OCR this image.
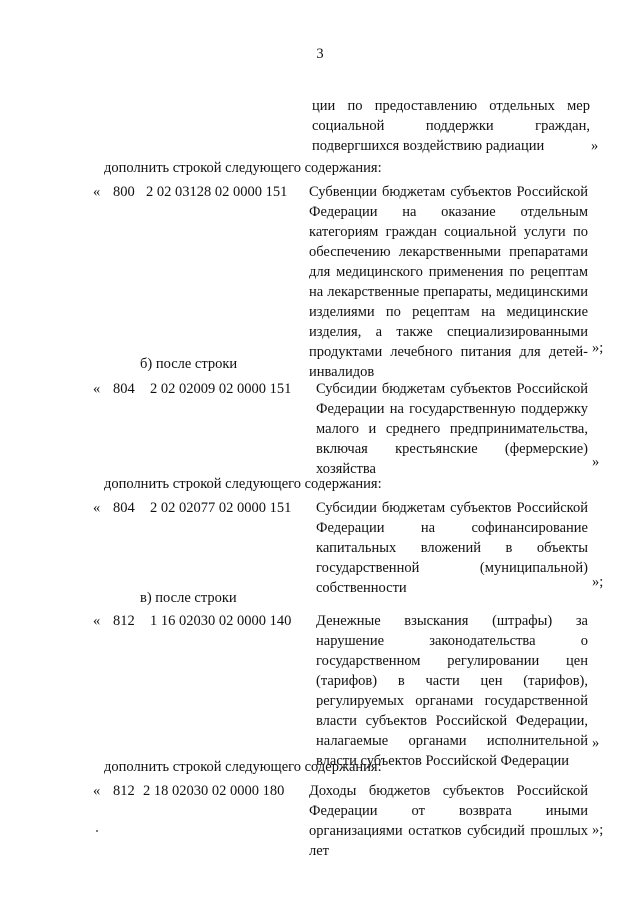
3
ции по предоставлению отдельных мер социальной поддержки граждан, подвергшихся воздействию радиации	»
дополнить строкой следующего содержания:
« 800 2 02 03128 02 0000 151 Субвенции бюджетам субъектов Российской Федерации на оказание отдельным категориям граждан социальной услуги по обеспечению лекарственными препаратами для медицинского применения по рецептам на лекарственные препараты, медицинскими изделиями по рецептам на медицинские изделия, а также специализированными продуктами лечебного питания для детей-инвалидов
»;
б) после строки
« 804 2 02 02009 02 0000 151 Субсидии бюджетам субъектов Российской Федерации на государственную поддержку малого и среднего предпринимательства, включая крестьянские (фермерские) хозяйства	»
дополнить строкой следующего содержания:
« 804 2 02 02077 02 0000 151 Субсидии бюджетам субъектов Российской Федерации на софинансирование капитальных вложений в объекты государственной (муниципальной) собственности	»;
в) после строки
« 812 1 16 02030 02 0000 140 Денежные взыскания (штрафы) за нарушение законодательства о государственном регулировании цен (тарифов) в части цен (тарифов), регулируемых органами государственной власти субъектов Российской Федерации, налагаемые органами исполнительной власти субъектов Российской Федерации
»
дополнить строкой следующего содержания:
« 812 2 18 02030 02 0000 180 Доходы бюджетов субъектов Российской Федерации от возврата иными организациями остатков субсидий прошлых лет
»;
